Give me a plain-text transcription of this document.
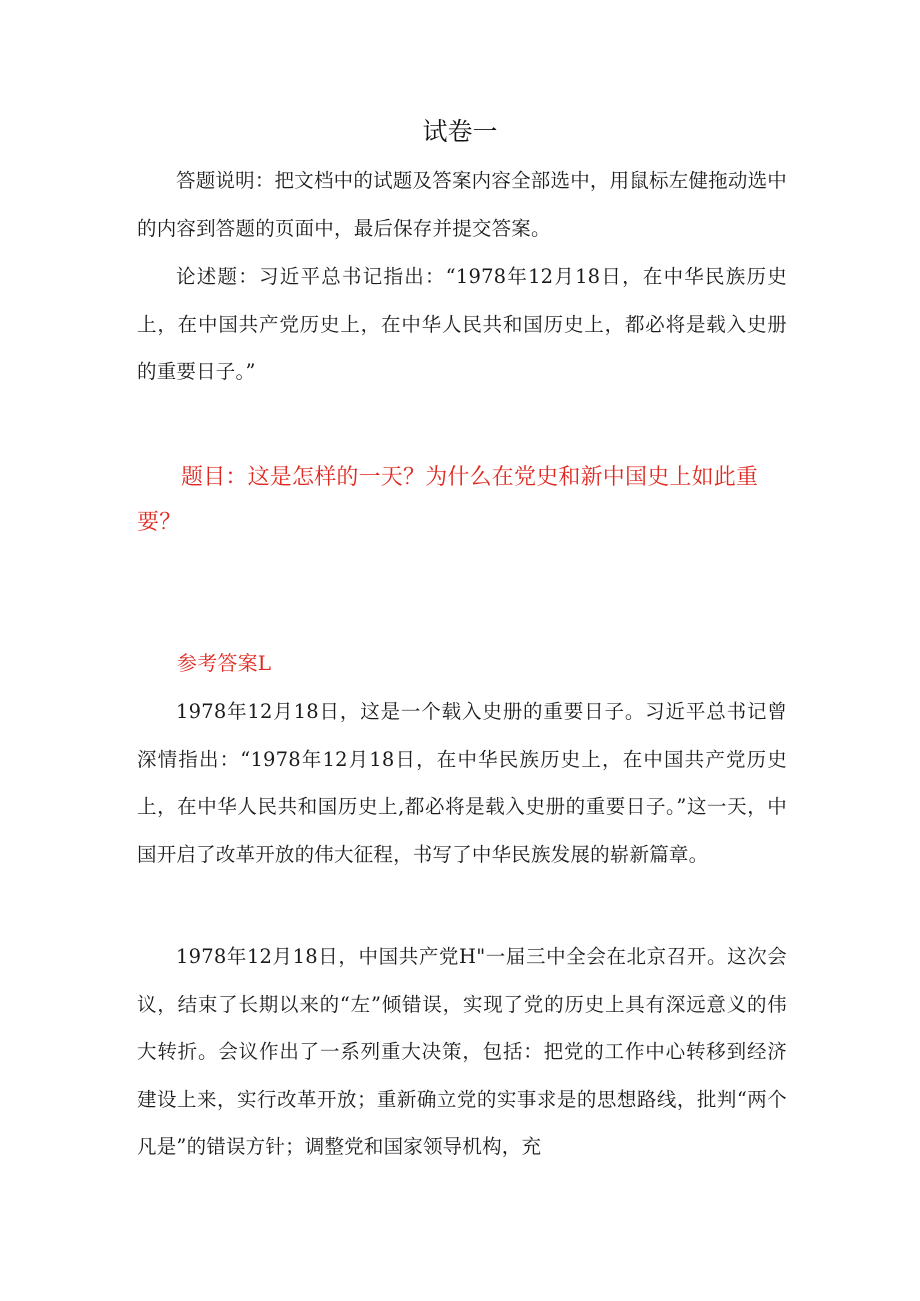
试卷一

答题说明：把文档中的试题及答案内容全部选中，用鼠标左健拖动选中的内容到答题的页面中，最后保存并提交答案。

论述题：习近平总书记指出：“1978年12月18日，在中华民族历史上，在中国共产党历史上，在中华人民共和国历史上，都必将是载入史册的重要日子。”

题目：这是怎样的一天？为什么在党史和新中国史上如此重要？

参考答案L

1978年12月18日，这是一个载入史册的重要日子。习近平总书记曾深情指出：“1978年12月18日，在中华民族历史上，在中国共产党历史上，在中华人民共和国历史上,都必将是载入史册的重要日子。”这一天，中国开启了改革开放的伟大征程，书写了中华民族发展的崭新篇章。

1978年12月18日，中国共产党H"一届三中全会在北京召开。这次会议，结束了长期以来的“左”倾错误，实现了党的历史上具有深远意义的伟大转折。会议作出了一系列重大决策，包括：把党的工作中心转移到经济建设上来，实行改革开放；重新确立党的实事求是的思想路线，批判“两个凡是”的错误方针；调整党和国家领导机构，充
